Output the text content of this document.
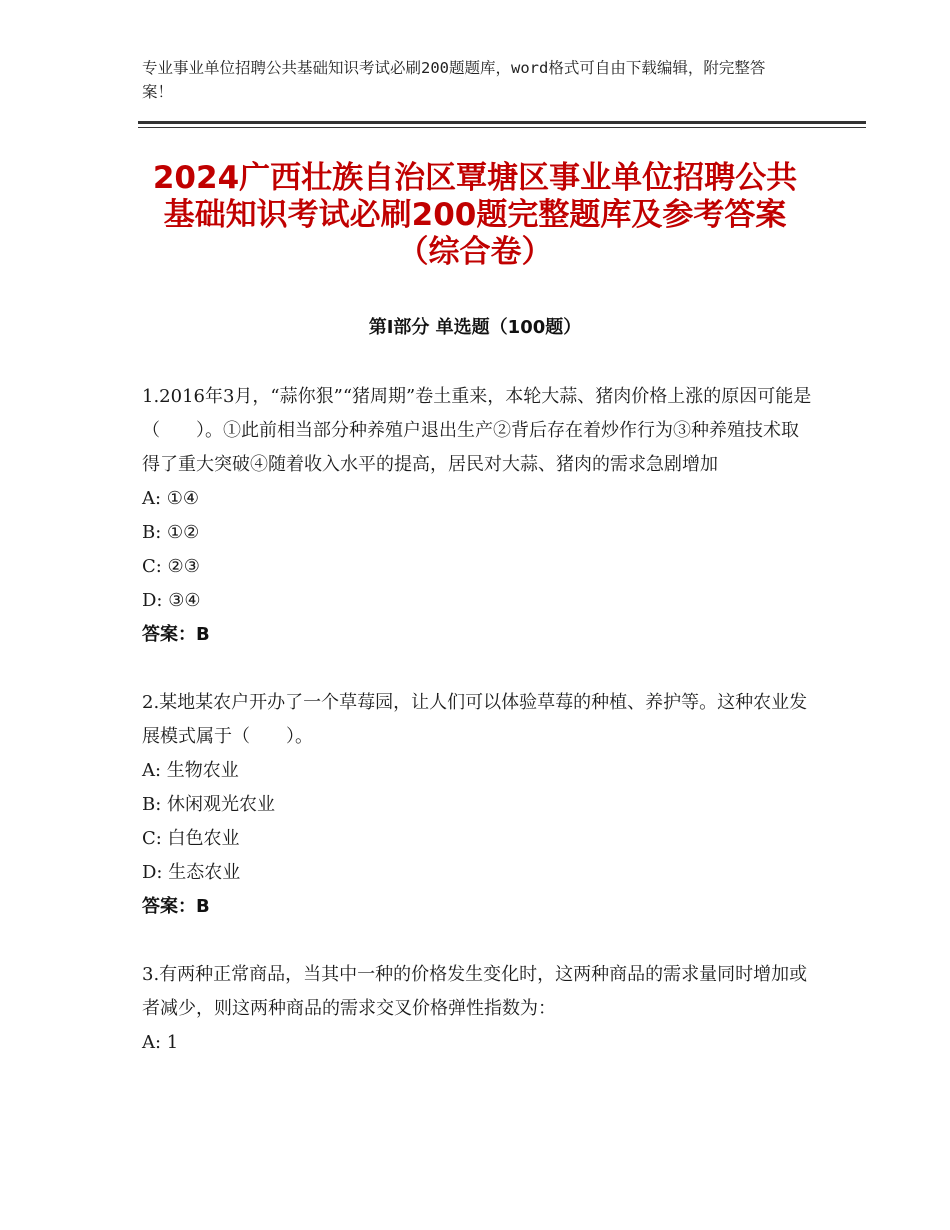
专业事业单位招聘公共基础知识考试必刷200题题库，word格式可自由下载编辑，附完整答案！
2024广西壮族自治区覃塘区事业单位招聘公共基础知识考试必刷200题完整题库及参考答案（综合卷）
第Ⅰ部分 单选题（100题）

1.2016年3月，“蒜你狠”“猪周期”卷土重来，本轮大蒜、猪肉价格上涨的原因可能是（　　）。①此前相当部分种养殖户退出生产②背后存在着炒作行为③种养殖技术取得了重大突破④随着收入水平的提高，居民对大蒜、猪肉的需求急剧增加

A: ①④

B: ①②

C: ②③

D: ③④

答案：B

2.某地某农户开办了一个草莓园，让人们可以体验草莓的种植、养护等。这种农业发展模式属于（　　）。

A: 生物农业

B: 休闲观光农业

C: 白色农业

D: 生态农业

答案：B

3.有两种正常商品，当其中一种的价格发生变化时，这两种商品的需求量同时增加或者减少，则这两种商品的需求交叉价格弹性指数为：

A: 1
